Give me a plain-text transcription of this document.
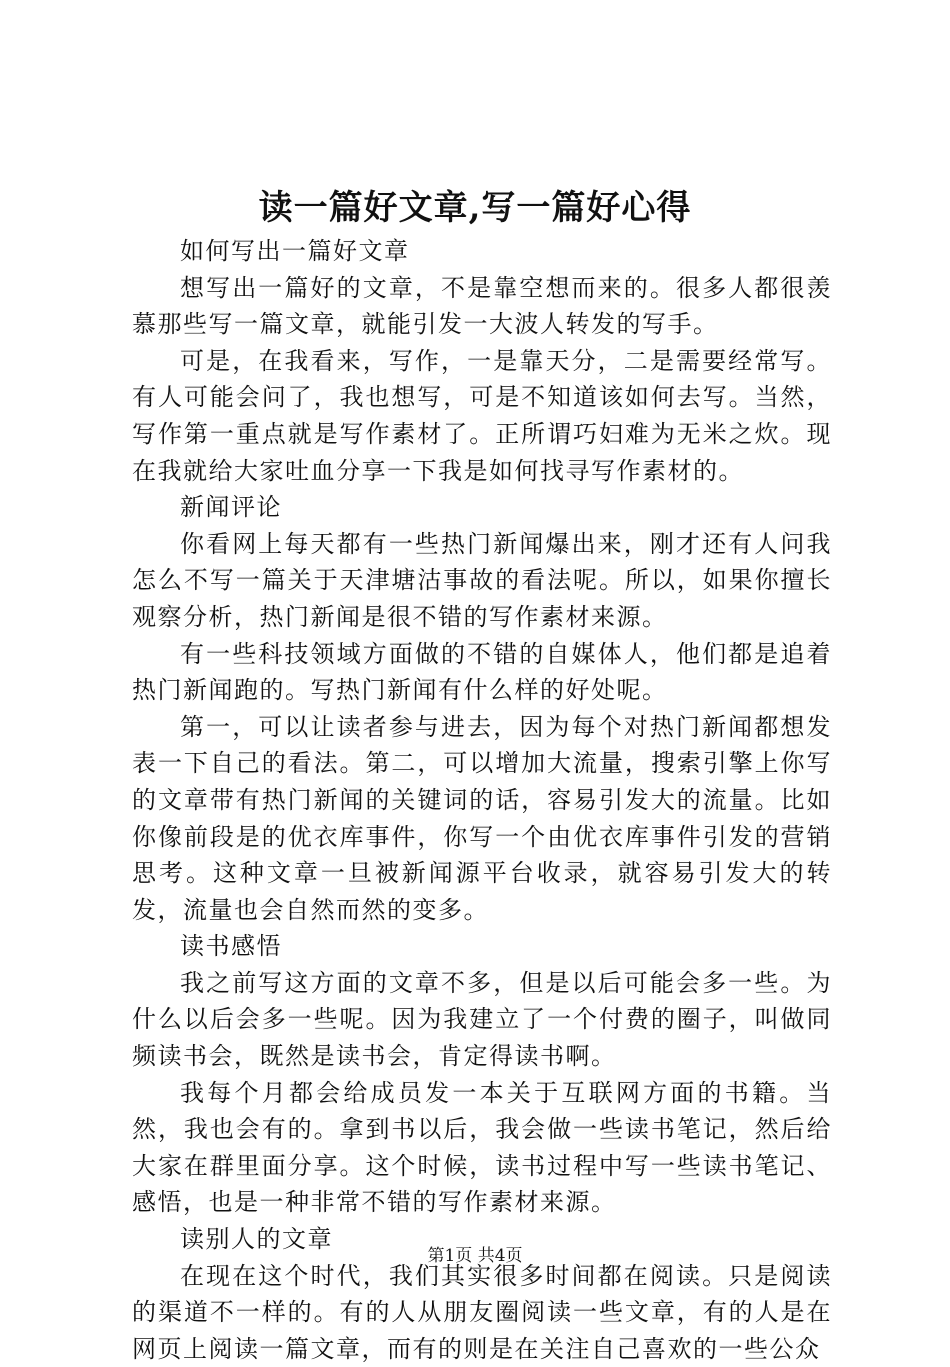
读一篇好文章,写一篇好心得

如何写出一篇好文章

想写出一篇好的文章，不是靠空想而来的。很多人都很羡慕那些写一篇文章，就能引发一大波人转发的写手。

可是，在我看来，写作，一是靠天分，二是需要经常写。有人可能会问了，我也想写，可是不知道该如何去写。当然，写作第一重点就是写作素材了。正所谓巧妇难为无米之炊。现在我就给大家吐血分享一下我是如何找寻写作素材的。

新闻评论

你看网上每天都有一些热门新闻爆出来，刚才还有人问我怎么不写一篇关于天津塘沽事故的看法呢。所以，如果你擅长观察分析，热门新闻是很不错的写作素材来源。

有一些科技领域方面做的不错的自媒体人，他们都是追着热门新闻跑的。写热门新闻有什么样的好处呢。

第一，可以让读者参与进去，因为每个对热门新闻都想发表一下自己的看法。第二，可以增加大流量，搜索引擎上你写的文章带有热门新闻的关键词的话，容易引发大的流量。比如你像前段是的优衣库事件，你写一个由优衣库事件引发的营销思考。这种文章一旦被新闻源平台收录，就容易引发大的转发，流量也会自然而然的变多。

读书感悟

我之前写这方面的文章不多，但是以后可能会多一些。为什么以后会多一些呢。因为我建立了一个付费的圈子，叫做同频读书会，既然是读书会，肯定得读书啊。

我每个月都会给成员发一本关于互联网方面的书籍。当然，我也会有的。拿到书以后，我会做一些读书笔记，然后给大家在群里面分享。这个时候，读书过程中写一些读书笔记、感悟，也是一种非常不错的写作素材来源。

读别人的文章

在现在这个时代，我们其实很多时间都在阅读。只是阅读的渠道不一样的。有的人从朋友圈阅读一些文章，有的人是在网页上阅读一篇文章，而有的则是在关注自己喜欢的一些公众

第1页 共4页
